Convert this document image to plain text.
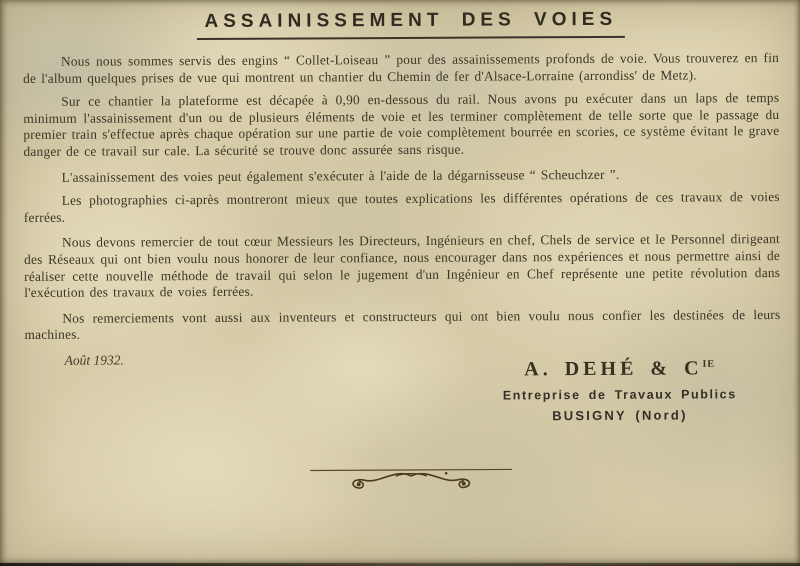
ASSAINISSEMENT DES VOIES

Nous nous sommes servis des engins “ Collet-Loiseau ” pour des assainissements profonds de voie. Vous trouverez en fin de l'album quelques prises de vue qui montrent un chantier du Chemin de fer d'Alsace-Lorraine (arrondiss' de Metz).

Sur ce chantier la plateforme est décapée à 0,90 en-dessous du rail. Nous avons pu exécuter dans un laps de temps minimum l'assainissement d'un ou de plusieurs éléments de voie et les terminer complètement de telle sorte que le passage du premier train s'effectue après chaque opération sur une partie de voie complètement bourrée en scories, ce système évitant le grave danger de ce travail sur cale. La sécurité se trouve donc assurée sans risque.

L'assainissement des voies peut également s'exécuter à l'aide de la dégarnisseuse “ Scheuchzer ”.

Les photographies ci-après montreront mieux que toutes explications les différentes opérations de ces travaux de voies ferrées.

Nous devons remercier de tout cœur Messieurs les Directeurs, Ingénieurs en chef, Chels de service et le Personnel dirigeant des Réseaux qui ont bien voulu nous honorer de leur confiance, nous encourager dans nos expériences et nous permettre ainsi de réaliser cette nouvelle méthode de travail qui selon le jugement d'un Ingénieur en Chef représente une petite révolution dans l'exécution des travaux de voies ferrées.

Nos remerciements vont aussi aux inventeurs et constructeurs qui ont bien voulu nous confier les destinées de leurs machines.

Août 1932.	A. DEHÉ & $C^{IE}$
Entreprise de Travaux Publics
BUSIGNY (Nord)
